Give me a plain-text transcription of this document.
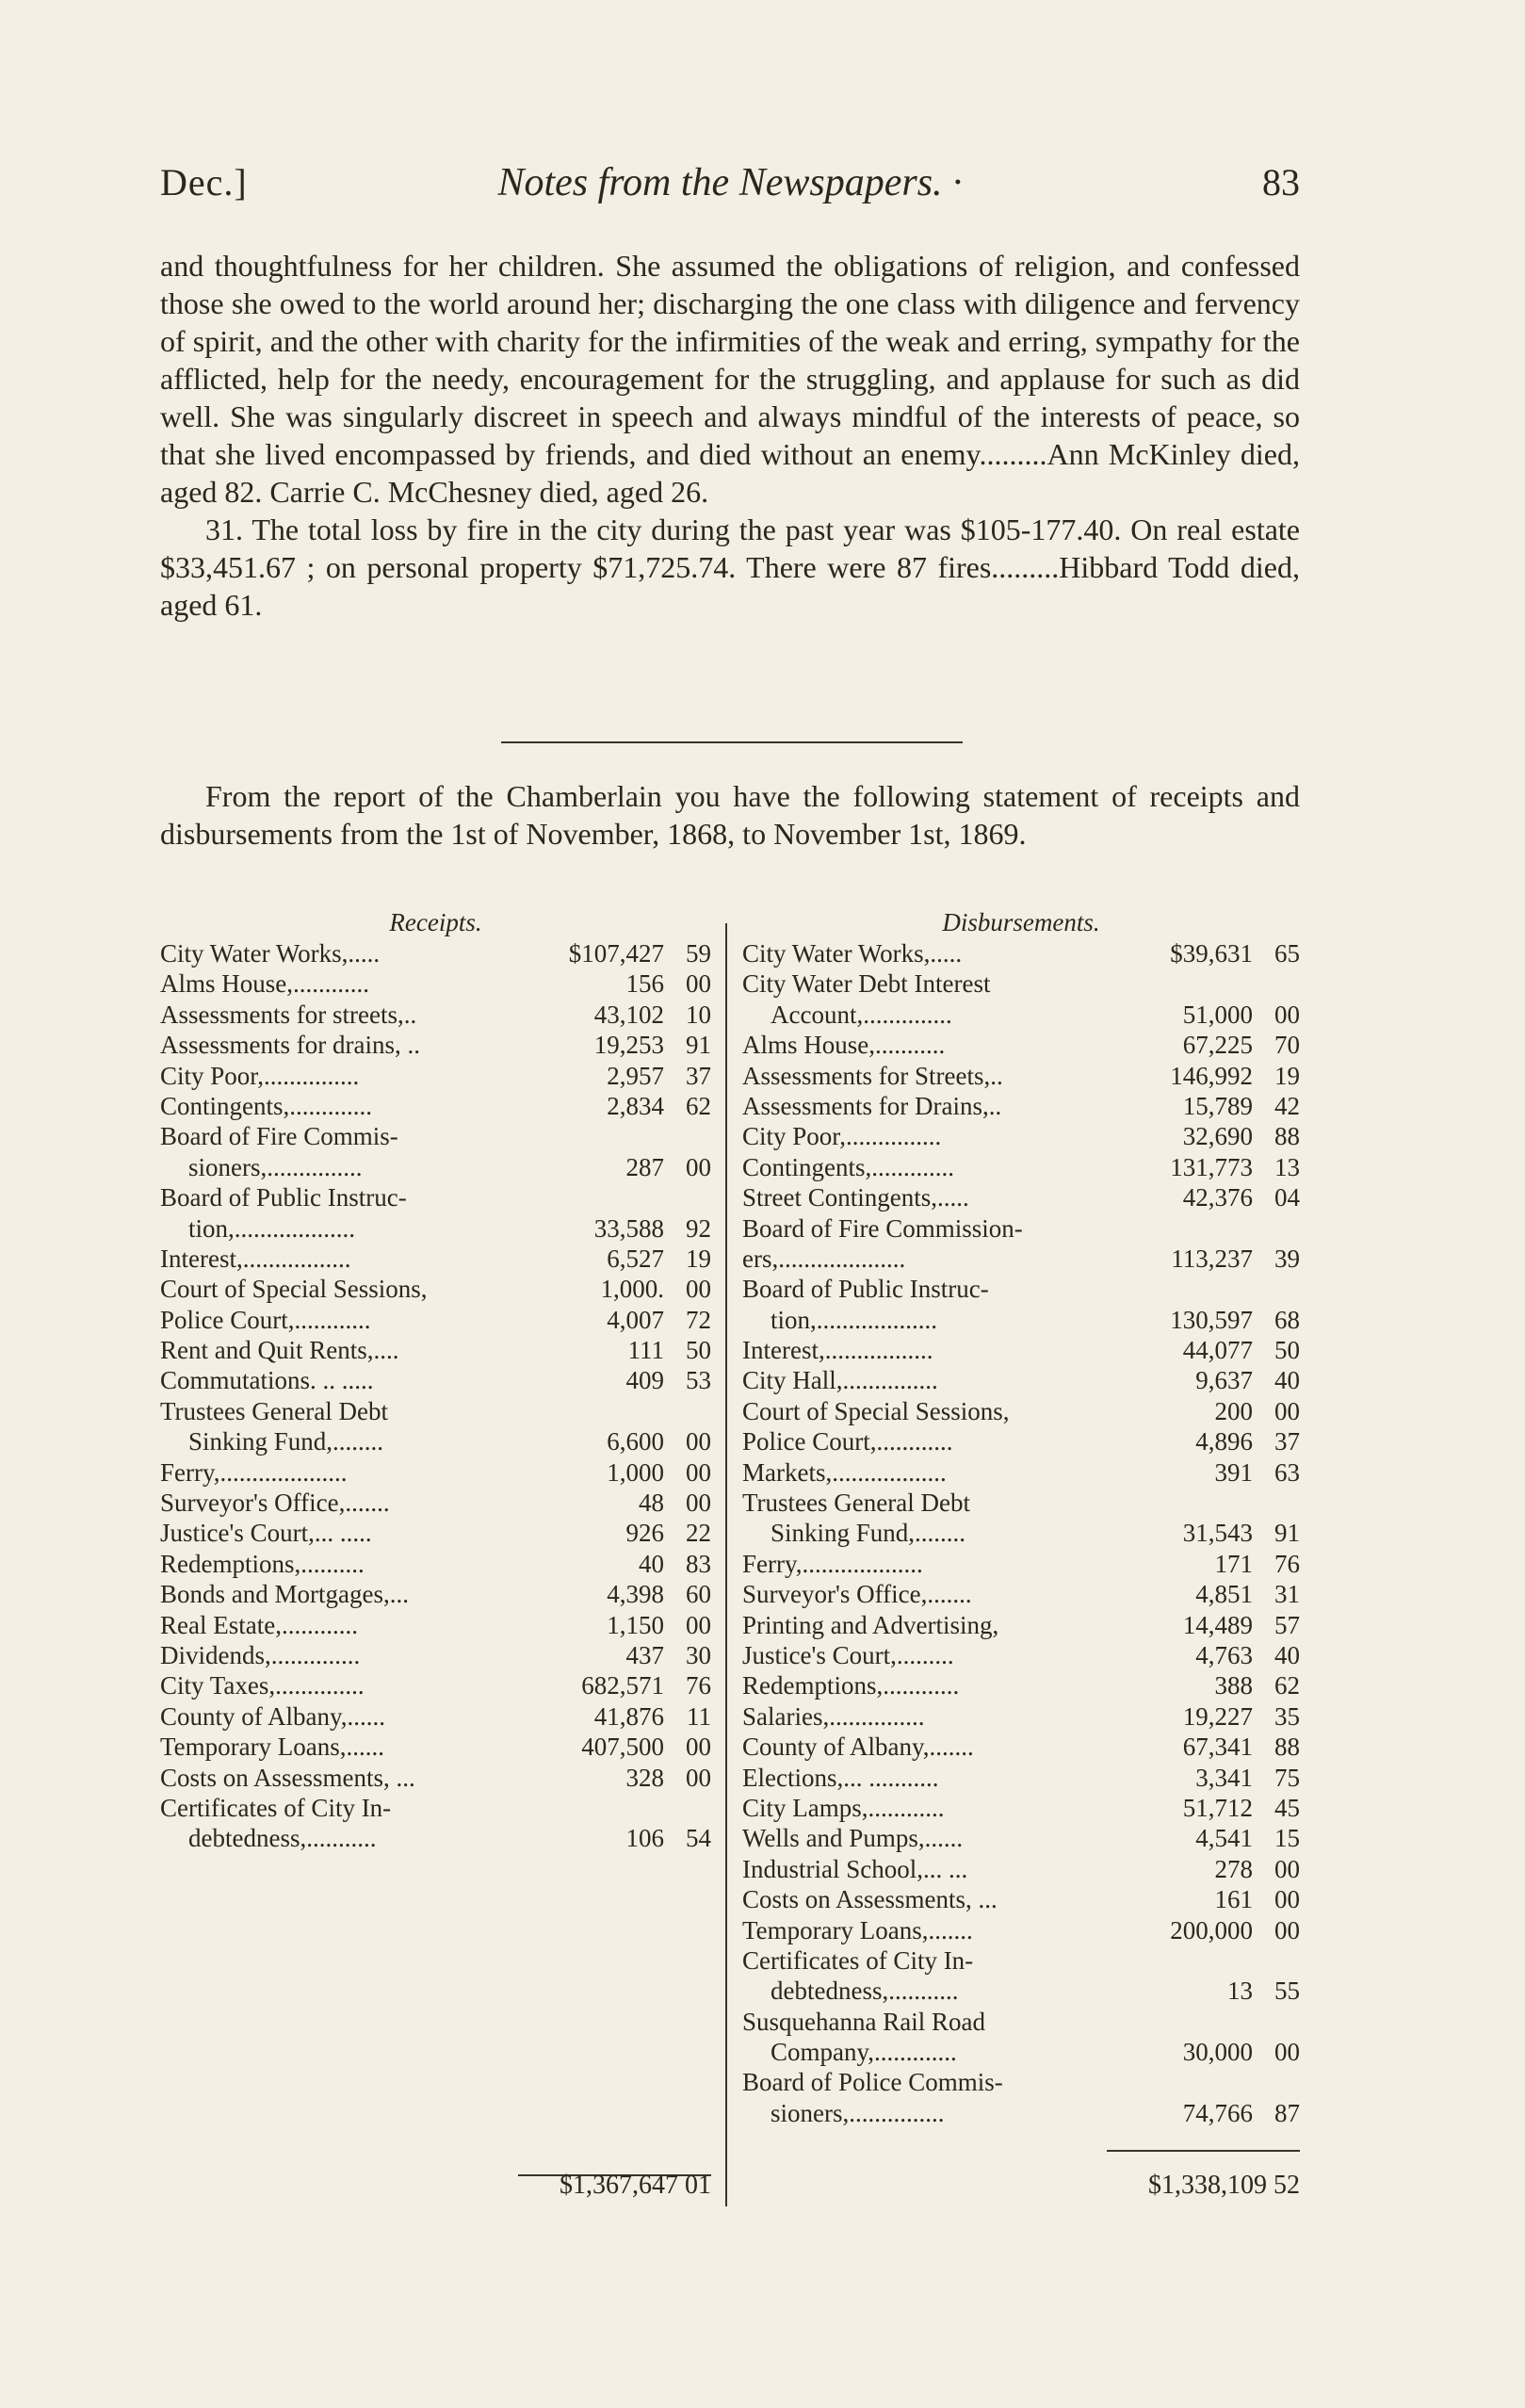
Dec.]	Notes from the Newspapers. ·	83

and thoughtfulness for her children. She assumed the obligations of religion, and confessed those she owed to the world around her; discharging the one class with diligence and fervency of spirit, and the other with charity for the infirmities of the weak and erring, sympathy for the afflicted, help for the needy, encouragement for the struggling, and applause for such as did well. She was singularly discreet in speech and always mindful of the interests of peace, so that she lived encompassed by friends, and died without an enemy.........Ann McKinley died, aged 82. Carrie C. McChesney died, aged 26.

31. The total loss by fire in the city during the past year was $105-177.40. On real estate $33,451.67 ; on personal property $71,725.74. There were 87 fires.........Hibbard Todd died, aged 61.

From the report of the Chamberlain you have the following statement of receipts and disbursements from the 1st of November, 1868, to November 1st, 1869.

Receipts.
City Water Works,.....	$107,427 59
Alms House,............	156 00
Assessments for streets,..	43,102 10
Assessments for drains, ..	19,253 91
City Poor,...............	2,957 37
Contingents,.............	2,834 62
Board of Fire Commis-
sioners,...............	287 00
Board of Public Instruc-
tion,...................	33,588 92
Interest,.................	6,527 19
Court of Special Sessions,	1,000. 00
Police Court,............	4,007 72
Rent and Quit Rents,....	111 50
Commutations. .. .....	409 53
Trustees General Debt
Sinking Fund,........	6,600 00
Ferry,....................	1,000 00
Surveyor's Office,.......	48 00
Justice's Court,... .....	926 22
Redemptions,..........	40 83
Bonds and Mortgages,...	4,398 60
Real Estate,............	1,150 00
Dividends,..............	437 30
City Taxes,..............	682,571 76
County of Albany,......	41,876 11
Temporary Loans,......	407,500 00
Costs on Assessments, ...	328 00
Certificates of City In-
debtedness,...........	106 54
Disbursements.
City Water Works,.....	$39,631 65
City Water Debt Interest
Account,..............	51,000 00
Alms House,...........	67,225 70
Assessments for Streets,..	146,992 19
Assessments for Drains,..	15,789 42
City Poor,...............	32,690 88
Contingents,.............	131,773 13
Street Contingents,.....	42,376 04
Board of Fire Commission-
ers,....................	113,237 39
Board of Public Instruc-
tion,...................	130,597 68
Interest,.................	44,077 50
City Hall,...............	9,637 40
Court of Special Sessions,	200 00
Police Court,............	4,896 37
Markets,..................	391 63
Trustees General Debt
Sinking Fund,........	31,543 91
Ferry,...................	171 76
Surveyor's Office,.......	4,851 31
Printing and Advertising,	14,489 57
Justice's Court,.........	4,763 40
Redemptions,............	388 62
Salaries,...............	19,227 35
County of Albany,.......	67,341 88
Elections,... ...........	3,341 75
City Lamps,............	51,712 45
Wells and Pumps,......	4,541 15
Industrial School,... ...	278 00
Costs on Assessments, ...	161 00
Temporary Loans,.......	200,000 00
Certificates of City In-
debtedness,...........	13 55
Susquehanna Rail Road
Company,.............	30,000 00
Board of Police Commis-
sioners,...............	74,766 87
$1,367,647 01	$1,338,109 52
